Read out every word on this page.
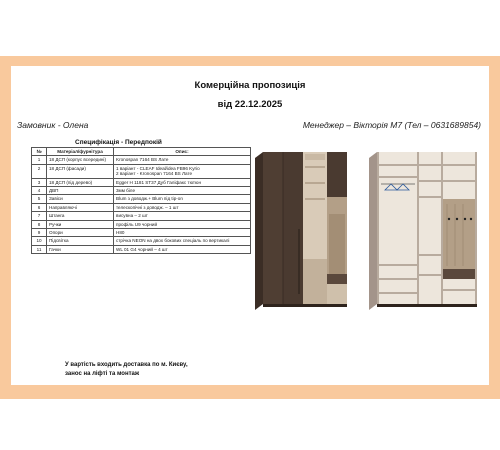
Комерційна пропозиція
від 22.12.2025
Замовник - Олена	Менеджер – Вікторія М7 (Тел – 0631689854)
Специфікація - Передпокій
№	Матеріал/фурнітура	Опис:
1	18 ДСП (корпус всередині)	Kronospan 7164 BS Лате
2	18 ДСП (фасади)	1 варіант - CLEAF Ideal/idea FB96 Kyrio
2 варіант - Kronospan 7164 BS Лате

3	18 ДСП (під дерево)	Egger H 1181 ST37 Дуб Галіфакс тютюн
4	ДВП	3мм біле
5	Завіси	Blum з доводж.+ Blum під tip-on
6	Направляючі	телескопічні з доводж. – 1 шт
7	Штанга	висувна – 2 шт
8	Ручки	профіль U9 чорний
9	Опори	H80
10	Підсвітка	стрічка NEON на двох бокових спеціаль по вертикалі
11	Гачки	WL 01 G4 чорний – 4 шт
У вартість входить доставка по м. Києву,
занос на ліфті та монтаж
